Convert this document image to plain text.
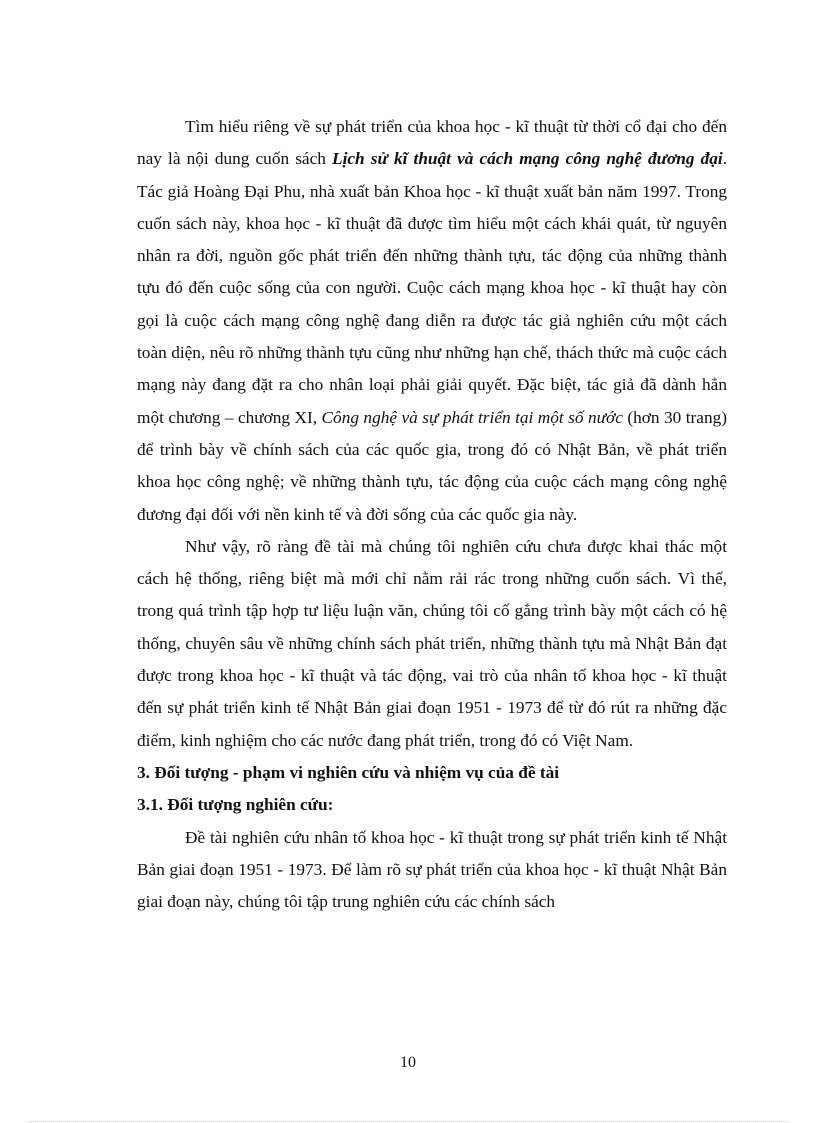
Tìm hiểu riêng về sự phát triển của khoa học - kĩ thuật từ thời cổ đại cho đến nay là nội dung cuốn sách Lịch sử kĩ thuật và cách mạng công nghệ đương đại. Tác giả Hoàng Đại Phu, nhà xuất bản Khoa học - kĩ thuật xuất bản năm 1997. Trong cuốn sách này, khoa học - kĩ thuật đã được tìm hiểu một cách khái quát, từ nguyên nhân ra đời, nguồn gốc phát triển đến những thành tựu, tác động của những thành tựu đó đến cuộc sống của con người. Cuộc cách mạng khoa học - kĩ thuật hay còn gọi là cuộc cách mạng công nghệ đang diễn ra được tác giả nghiên cứu một cách toàn diện, nêu rõ những thành tựu cũng như những hạn chế, thách thức mà cuộc cách mạng này đang đặt ra cho nhân loại phải giải quyết. Đặc biệt, tác giả đã dành hẳn một chương – chương XI, Công nghệ và sự phát triển tại một số nước (hơn 30 trang) để trình bày về chính sách của các quốc gia, trong đó có Nhật Bản, về phát triển khoa học công nghệ; về những thành tựu, tác động của cuộc cách mạng công nghệ đương đại đối với nền kinh tế và đời sống của các quốc gia này.

Như vậy, rõ ràng đề tài mà chúng tôi nghiên cứu chưa được khai thác một cách hệ thống, riêng biệt mà mới chỉ nằm rải rác trong những cuốn sách. Vì thế, trong quá trình tập hợp tư liệu luận văn, chúng tôi cố gắng trình bày một cách có hệ thống, chuyên sâu về những chính sách phát triển, những thành tựu mà Nhật Bản đạt được trong khoa học - kĩ thuật và tác động, vai trò của nhân tố khoa học - kĩ thuật đến sự phát triển kinh tế Nhật Bản giai đoạn 1951 - 1973 để từ đó rút ra những đặc điểm, kinh nghiệm cho các nước đang phát triển, trong đó có Việt Nam.

3. Đối tượng - phạm vi nghiên cứu và nhiệm vụ của đề tài

3.1. Đối tượng nghiên cứu:

Đề tài nghiên cứu nhân tố khoa học - kĩ thuật trong sự phát triển kinh tế Nhật Bản giai đoạn 1951 - 1973. Để làm rõ sự phát triển của khoa học - kĩ thuật Nhật Bản giai đoạn này, chúng tôi tập trung nghiên cứu các chính sách

10
